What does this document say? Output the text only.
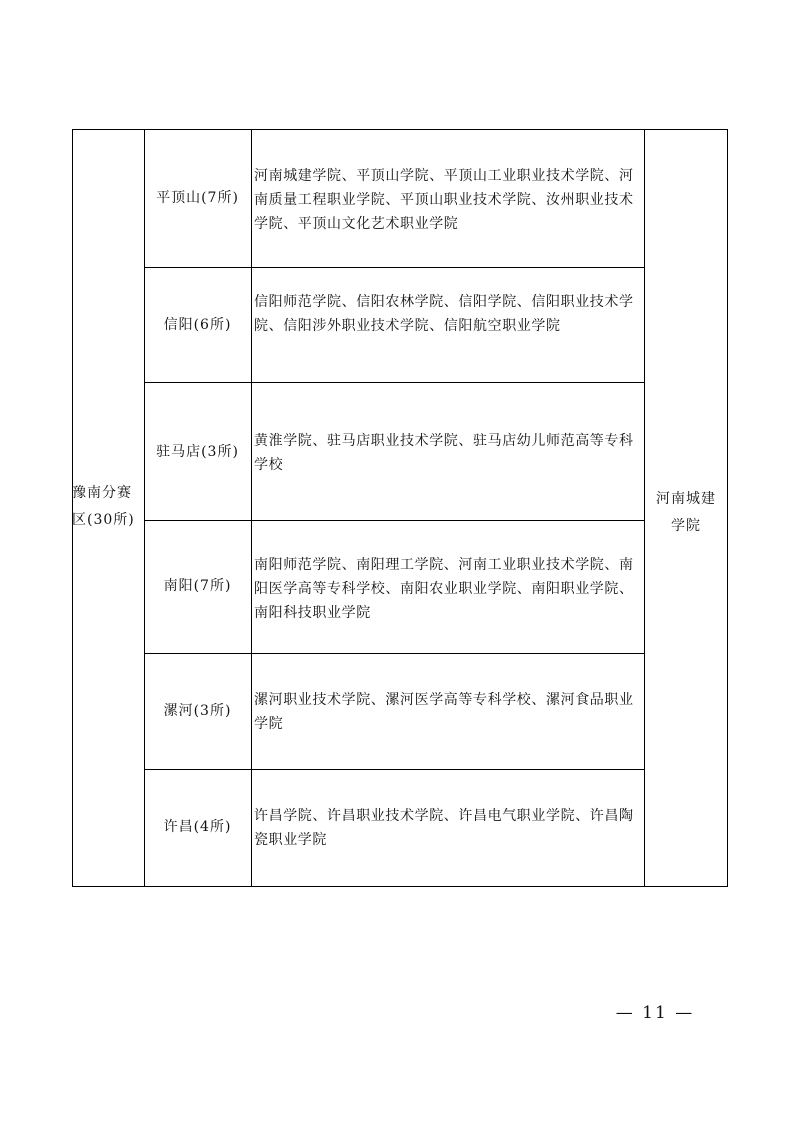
豫南分赛
区(30所)
平顶山(7所)
河南城建学院、平顶山学院、平顶山工业职业技术学院、河南质量工程职业学院、平顶山职业技术学院、汝州职业技术学院、平顶山文化艺术职业学院
信阳(6所)
信阳师范学院、信阳农林学院、信阳学院、信阳职业技术学院、信阳涉外职业技术学院、信阳航空职业学院
驻马店(3所)
黄淮学院、驻马店职业技术学院、驻马店幼儿师范高等专科学校
南阳(7所)
南阳师范学院、南阳理工学院、河南工业职业技术学院、南阳医学高等专科学校、南阳农业职业学院、南阳职业学院、南阳科技职业学院
漯河(3所)
漯河职业技术学院、漯河医学高等专科学校、漯河食品职业学院
许昌(4所)
许昌学院、许昌职业技术学院、许昌电气职业学院、许昌陶瓷职业学院
河南城建
学院
— 11 —
